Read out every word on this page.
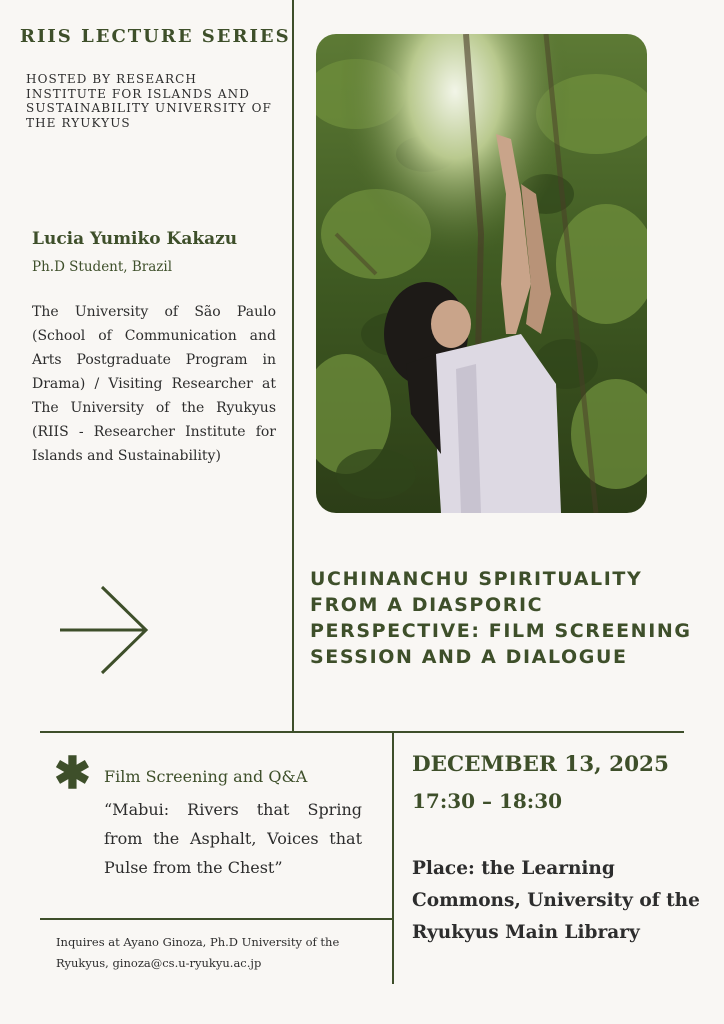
RIIS LECTURE SERIES
HOSTED BY RESEARCH INSTITUTE FOR ISLANDS AND SUSTAINABILITY UNIVERSITY OF THE RYUKYUS
Lucia Yumiko Kakazu
Ph.D Student, Brazil
The University of São Paulo (School of Communication and Arts Postgraduate Program in Drama) / Visiting Researcher at The University of the Ryukyus (RIIS - Researcher Institute for Islands and Sustainability)
UCHINANCHU SPIRITUALITY FROM A DIASPORIC PERSPECTIVE: FILM SCREENING SESSION AND A DIALOGUE
✱ Film Screening and Q&A
“Mabui: Rivers that Spring from the Asphalt, Voices that Pulse from the Chest”
Inquires at Ayano Ginoza, Ph.D University of the Ryukyus, ginoza@cs.u-ryukyu.ac.jp
DECEMBER 13, 2025
17:30 – 18:30
Place: the Learning Commons, University of the Ryukyus Main Library
